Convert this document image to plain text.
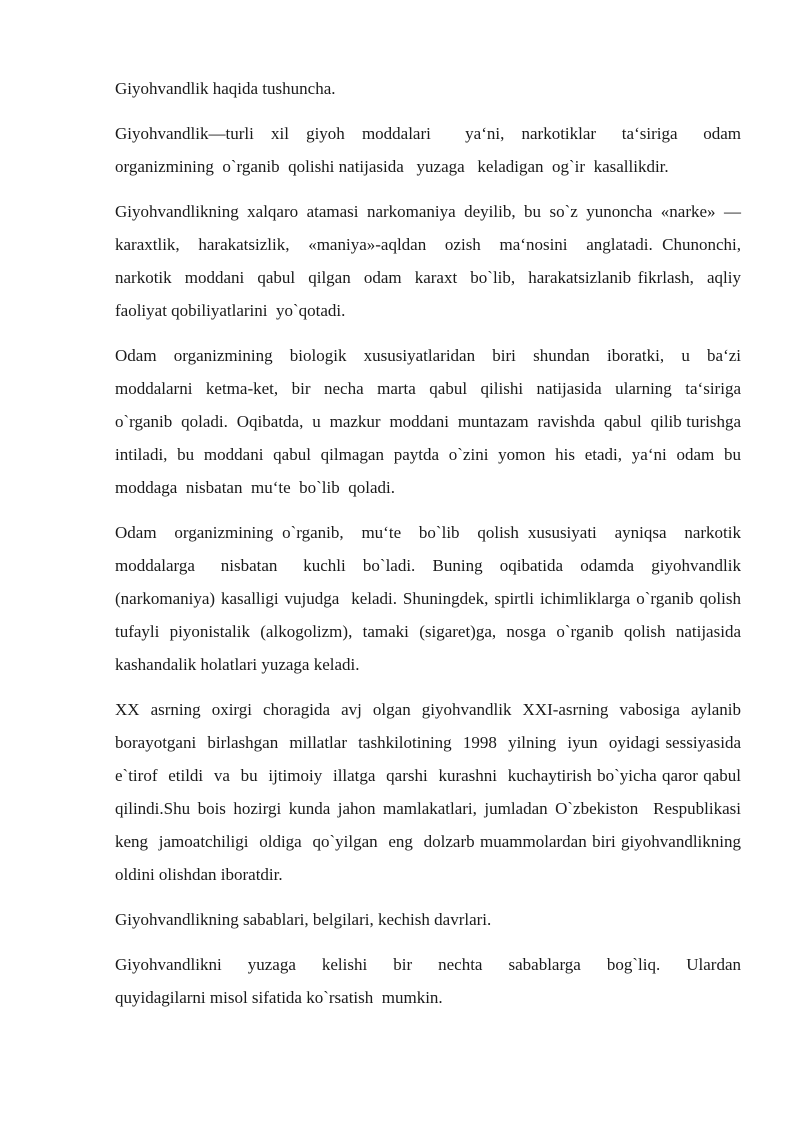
Giyohvandlik haqida tushuncha.

Giyohvandlik—turli  xil  giyoh  moddalari    ya‘ni,  narkotiklar   ta‘siriga   odam  organizmining  o`rganib  qolishi natijasida   yuzaga   keladigan  og`ir  kasallikdir.

Giyohvandlikning xalqaro atamasi narkomaniya deyilib, bu so`z yunoncha «narke» —  karaxtlik,  harakatsizlik,  «maniya»-aqldan  ozish  ma‘nosini  anglatadi. Chunonchi,  narkotik  moddani  qabul  qilgan  odam  karaxt  bo`lib,  harakatsizlanib fikrlash,  aqliy faoliyat qobiliyatlarini  yo`qotadi.

Odam  organizmining  biologik  xususiyatlaridan  biri  shundan  iboratki,  u  ba‘zi moddalarni  ketma-ket,  bir  necha  marta  qabul  qilishi  natijasida  ularning  ta‘siriga o`rganib  qoladi.  Oqibatda,  u  mazkur  moddani  muntazam  ravishda  qabul  qilib turishga intiladi, bu moddani qabul qilmagan paytda o`zini yomon his etadi, ya‘ni odam bu moddaga  nisbatan  mu‘te  bo`lib  qoladi.

Odam  organizmining o`rganib,  mu‘te  bo`lib  qolish xususiyati  ayniqsa  narkotik moddalarga   nisbatan   kuchli  bo`ladi.  Buning  oqibatida  odamda  giyohvandlik (narkomaniya) kasalligi vujudga  keladi. Shuningdek, spirtli ichimliklarga o`rganib qolish tufayli piyonistalik (alkogolizm), tamaki (sigaret)ga, nosga o`rganib qolish natijasida   kashandalik holatlari yuzaga keladi.

XX asrning oxirgi choragida avj olgan giyohvandlik XXI-asrning vabosiga aylanib borayotgani  birlashgan  millatlar  tashkilotining  1998  yilning  iyun  oyidagi sessiyasida  e`tirof  etildi  va  bu  ijtimoiy  illatga  qarshi  kurashni  kuchaytirish bo`yicha qaror qabul qilindi.Shu bois hozirgi kunda jahon mamlakatlari, jumladan O`zbekiston  Respublikasi  keng  jamoatchiligi  oldiga  qo`yilgan  eng  dolzarb muammolardan biri giyohvandlikning oldini olishdan iboratdir.

Giyohvandlikning sabablari, belgilari, kechish davrlari.

Giyohvandlikni   yuzaga   kelishi   bir   nechta   sabablarga   bog`liq.   Ulardan quyidagilarni misol sifatida ko`rsatish  mumkin.
